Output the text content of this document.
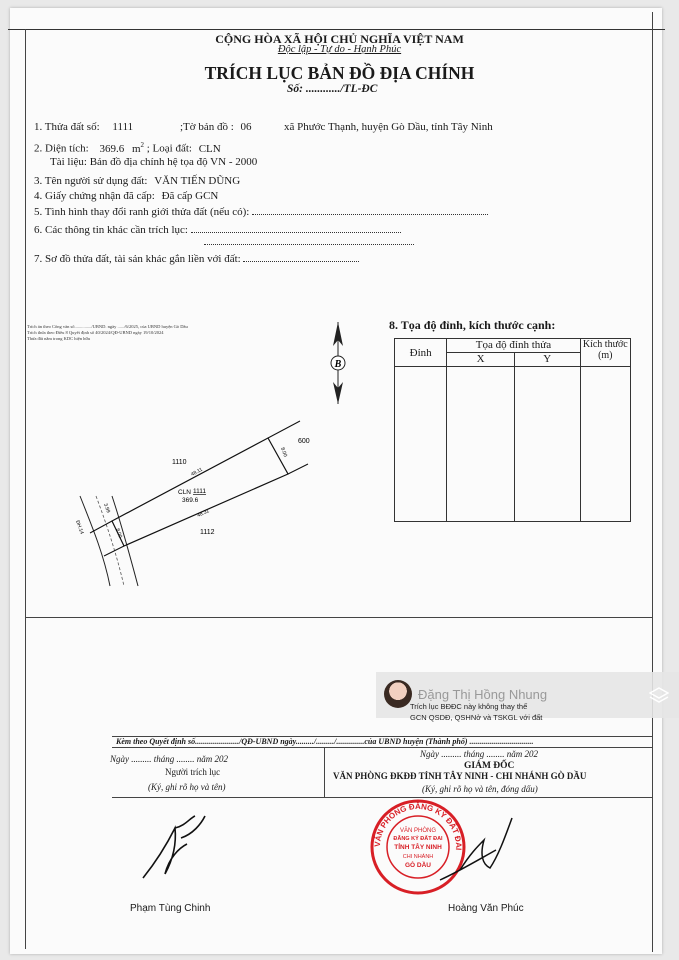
CỘNG HÒA XÃ HỘI CHỦ NGHĨA VIỆT NAM
Độc lập - Tự do - Hạnh Phúc
TRÍCH LỤC BẢN ĐỒ ĐỊA CHÍNH
Số: ............/TL-ĐC
1. Thửa đất số: 1111	;Tờ bản đồ : 06	xã Phước Thạnh, huyện Gò Dầu, tỉnh Tây Ninh
2. Diện tích: 369.6 $m^2$ ; Loại đất: CLN
Tài liệu: Bản đồ địa chính hệ tọa độ VN - 2000
3. Tên người sử dụng đất: VĂN TIẾN DŨNG
4. Giấy chứng nhận đã cấp: Đã cấp GCN
5. Tình hình thay đổi ranh giới thửa đất (nếu có):
6. Các thông tin khác cần trích lục:
7. Sơ đồ thửa đất, tài sản khác gắn liền với đất:
Trích án theo Công văn số.............../UBND. ngày ....../6/2025, của UBND huyện Gò Dầu
Trích thửa theo Điều 8 Quyết định số 40/2024/QĐ-UBND ngày 19/10/2024
Thửa đất nằm trong KDC hiện hữu
B
ĐH.14
3.99
CLN 1111
369.6
48.11
48.31
8.00
8.00
1110
1112
600
8. Tọa độ đỉnh, kích thước cạnh:
Đỉnh	Tọa độ đỉnh thửa		Kích thước
(m)

	X	Y	

Đặng Thị Hồng Nhung
Trích lục BĐĐC này không thay thế
GCN QSDĐ, QSHNở và TSKGL với đất
Kèm theo Quyết định số....................../QĐ-UBND ngày........./........./..............của UBND huyện (Thành phố) ................................
Ngày ......... tháng ........ năm 202
Người trích lục
(Ký, ghi rõ họ và tên)
Ngày ......... tháng ........ năm 202
GIÁM ĐỐC
VĂN PHÒNG ĐKĐĐ TỈNH TÂY NINH - CHI NHÁNH GÒ DẦU
(Ký, ghi rõ họ và tên, đóng dấu)
Phạm Tùng Chinh
VĂN PHÒNG ĐĂNG KÝ ĐẤT ĐAI
VĂN PHÒNG
ĐĂNG KÝ ĐẤT ĐAI
TỈNH TÂY NINH
CHI NHÁNH
GÒ DẦU
Hoàng Văn Phúc
